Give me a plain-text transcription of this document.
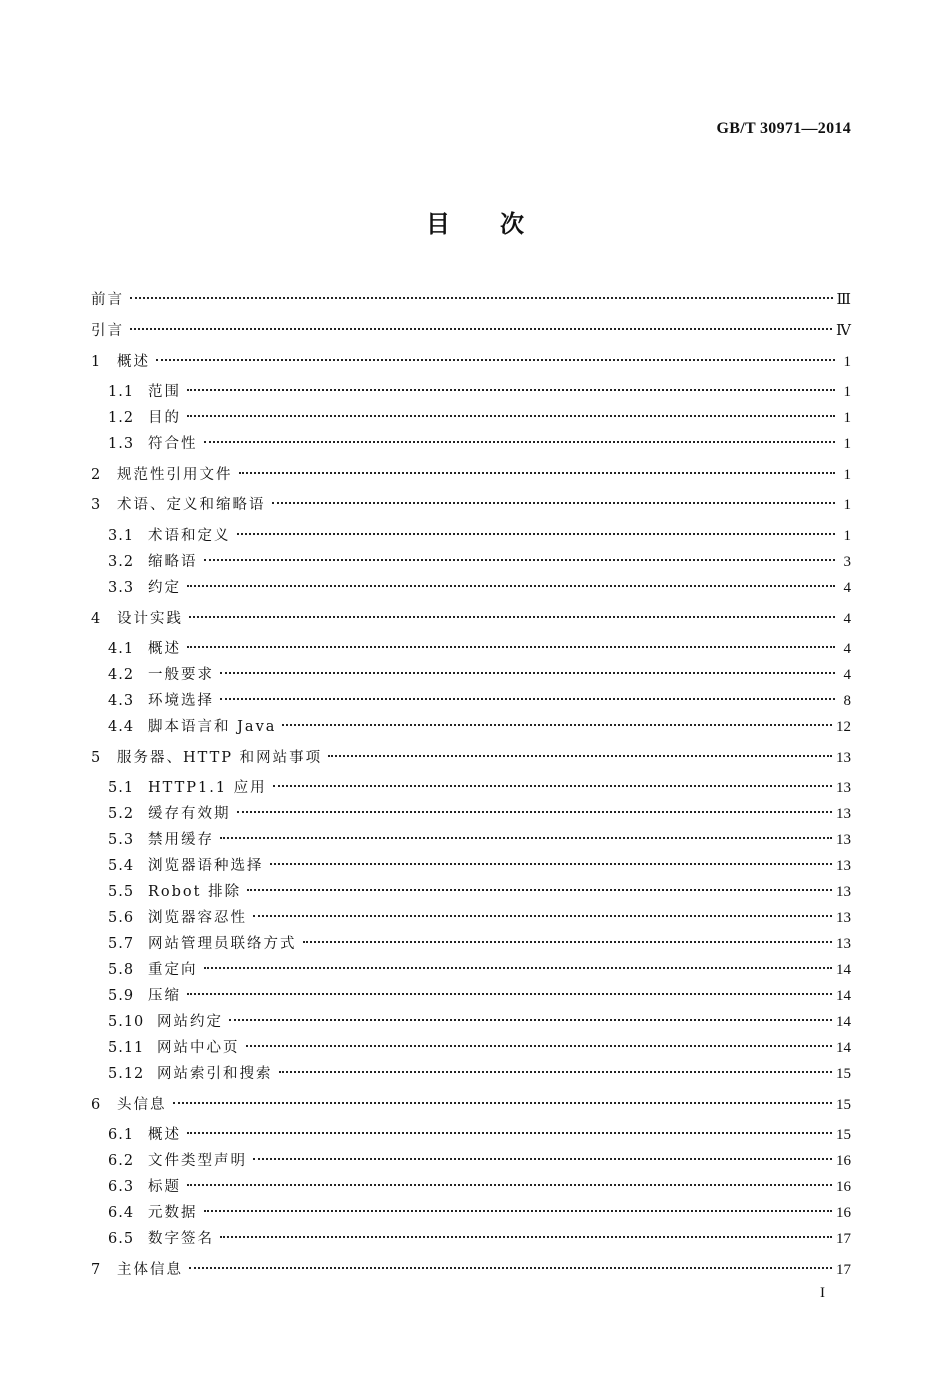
GB/T 30971—2014
目次
前言	Ⅲ
引言	Ⅳ
1	概述	1
1.1 范围	1
1.2 目的	1
1.3 符合性	1
2	规范性引用文件	1
3	术语、定义和缩略语	1
3.1 术语和定义	1
3.2 缩略语	3
3.3 约定	4
4	设计实践	4
4.1 概述	4
4.2 一般要求	4
4.3 环境选择	8
4.4 脚本语言和 Java	12
5	服务器、HTTP 和网站事项	13
5.1 HTTP1.1 应用	13
5.2 缓存有效期	13
5.3 禁用缓存	13
5.4 浏览器语种选择	13
5.5 Robot 排除	13
5.6 浏览器容忍性	13
5.7 网站管理员联络方式	13
5.8 重定向	14
5.9 压缩	14
5.10 网站约定	14
5.11 网站中心页	14
5.12 网站索引和搜索	15
6	头信息	15
6.1 概述	15
6.2 文件类型声明	16
6.3 标题	16
6.4 元数据	16
6.5 数字签名	17
7	主体信息	17
I
